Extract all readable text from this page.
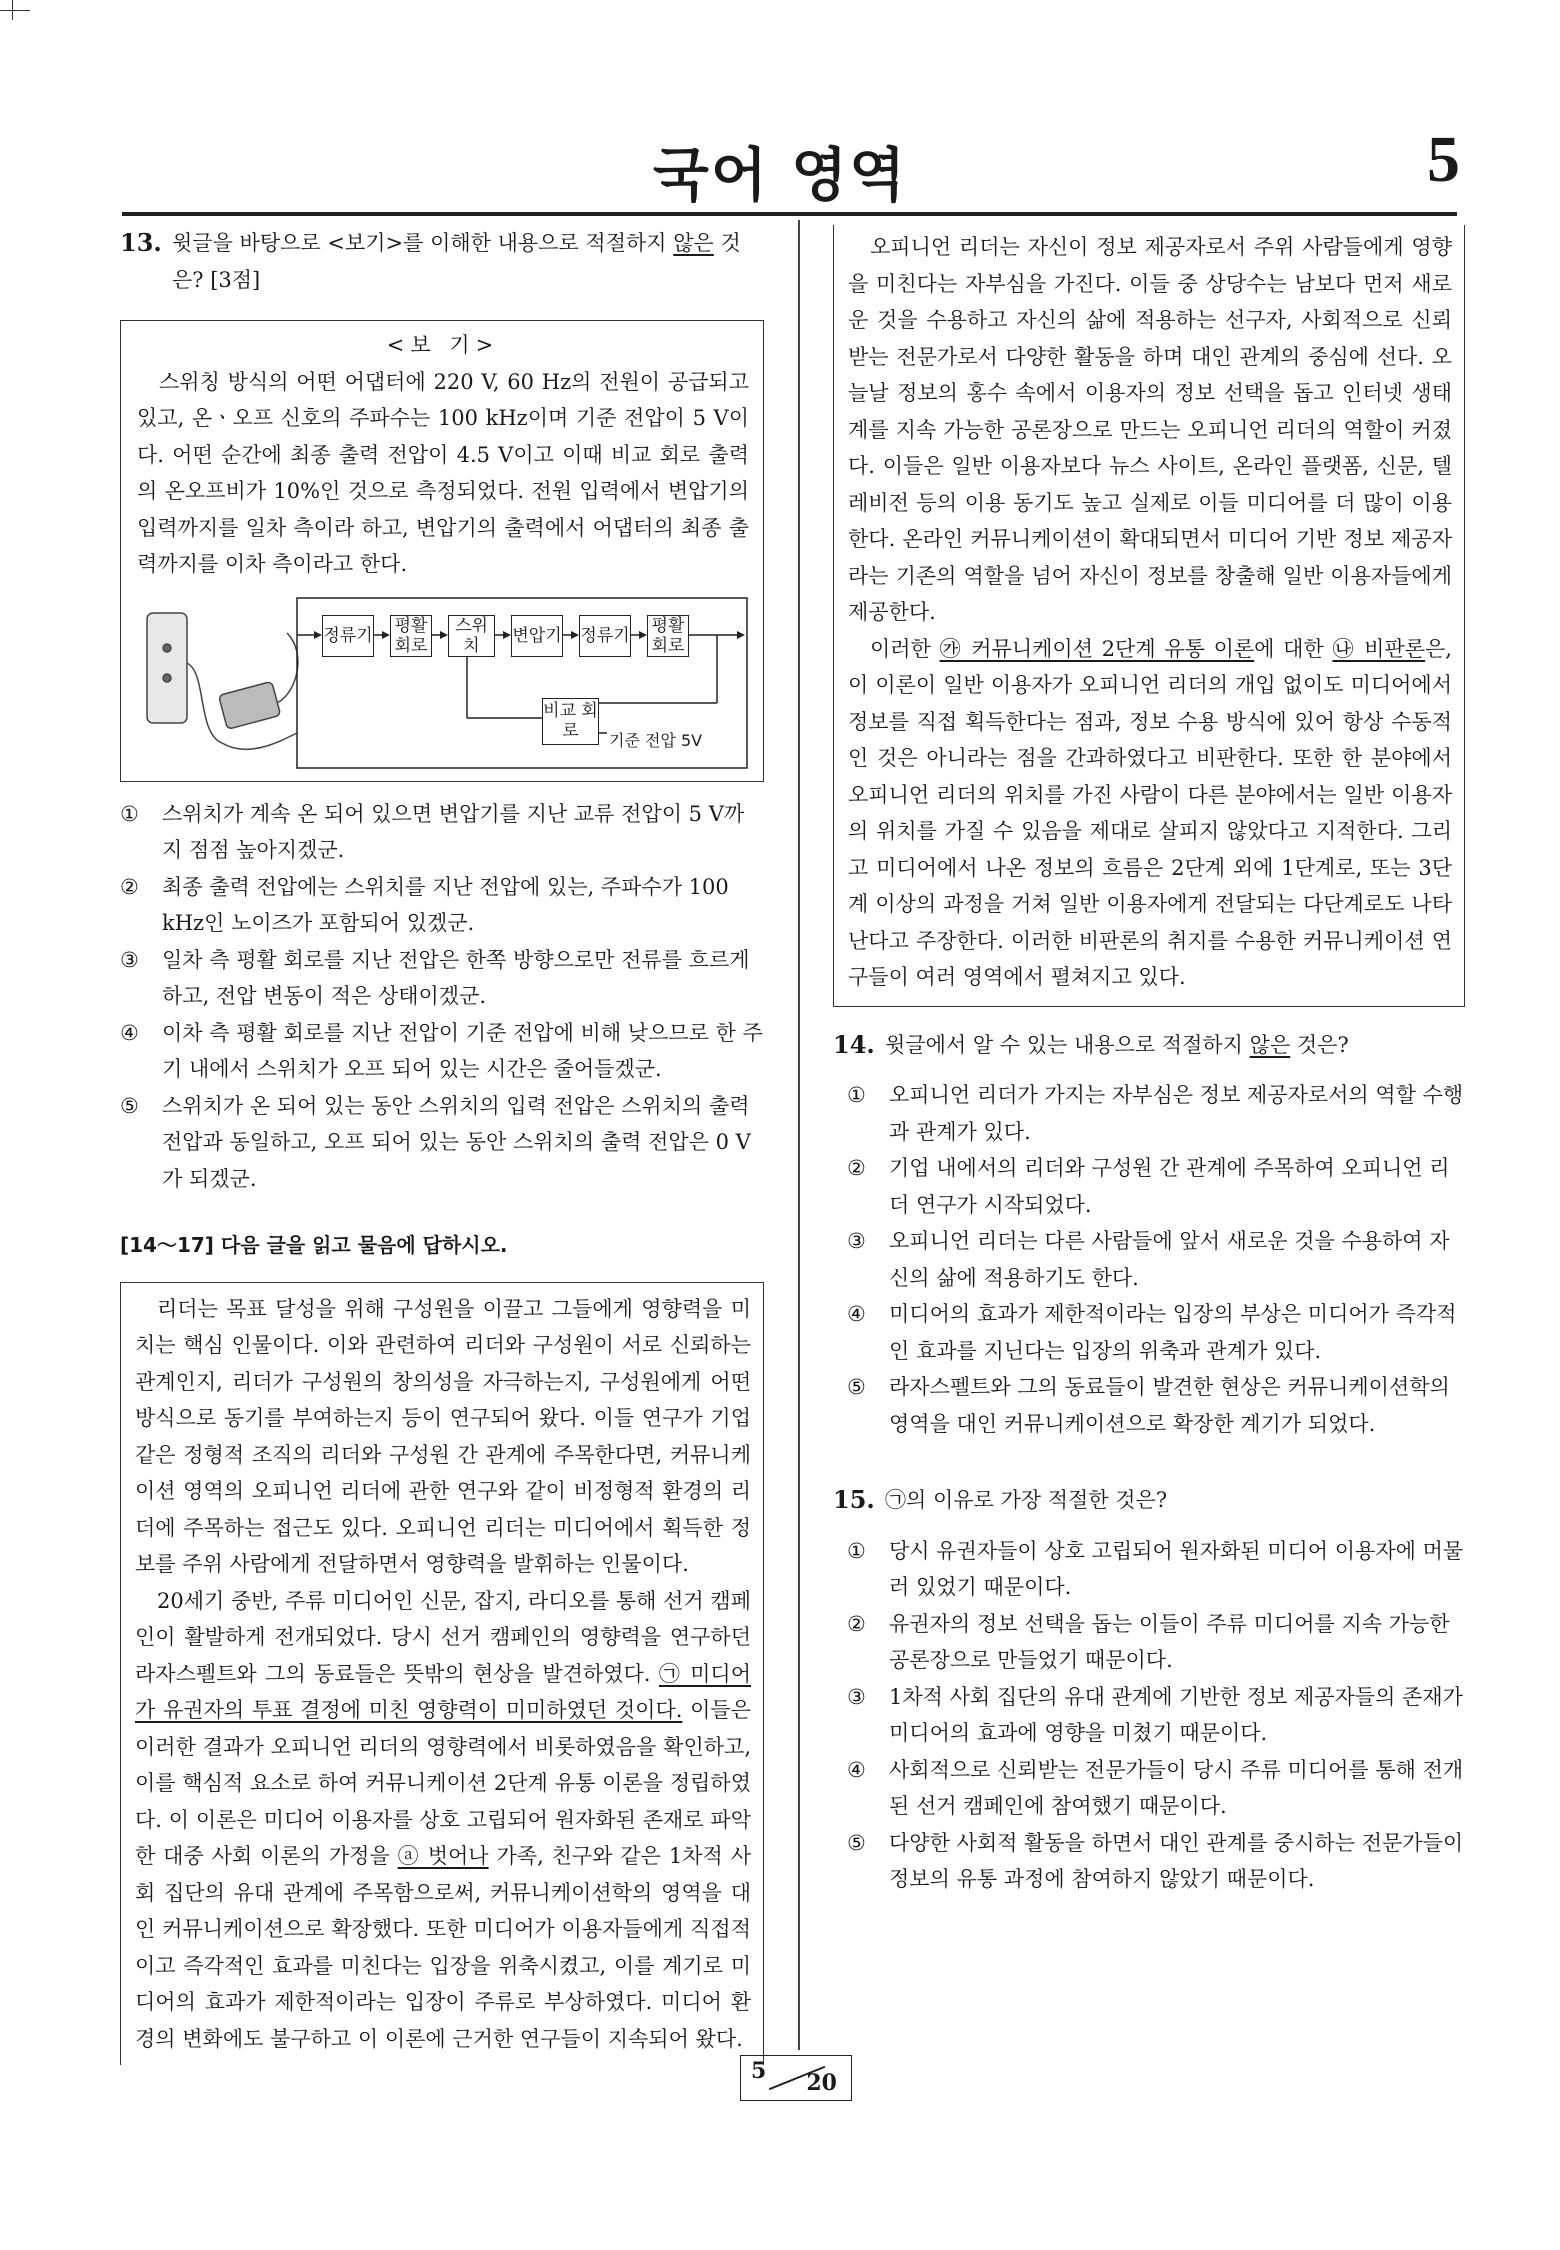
국어 영역	5
13. 윗글을 바탕으로 <보기>를 이해한 내용으로 적절하지 않은 것은? [3점]
<보 기>

스위칭 방식의 어떤 어댑터에 220 V, 60 Hz의 전원이 공급되고 있고, 온ㆍ오프 신호의 주파수는 100 kHz이며 기준 전압이 5 V이다. 어떤 순간에 최종 출력 전압이 4.5 V이고 이때 비교 회로 출력의 온오프비가 10%인 것으로 측정되었다. 전원 입력에서 변압기의 입력까지를 일차 측이라 하고, 변압기의 출력에서 어댑터의 최종 출력까지를 이차 측이라고 한다.

정류기 평활 회로
스위치	변압기 정류기 평활 회로
비교 회로	기준 전압 5V
① 스위치가 계속 온 되어 있으면 변압기를 지난 교류 전압이 5 V까지 점점 높아지겠군.
② 최종 출력 전압에는 스위치를 지난 전압에 있는, 주파수가 100 kHz인 노이즈가 포함되어 있겠군.
③ 일차 측 평활 회로를 지난 전압은 한쪽 방향으로만 전류를 흐르게 하고, 전압 변동이 적은 상태이겠군.
④ 이차 측 평활 회로를 지난 전압이 기준 전압에 비해 낮으므로 한 주기 내에서 스위치가 오프 되어 있는 시간은 줄어들겠군.
⑤ 스위치가 온 되어 있는 동안 스위치의 입력 전압은 스위치의 출력 전압과 동일하고, 오프 되어 있는 동안 스위치의 출력 전압은 0 V가 되겠군.
[14～17] 다음 글을 읽고 물음에 답하시오.

리더는 목표 달성을 위해 구성원을 이끌고 그들에게 영향력을 미치는 핵심 인물이다. 이와 관련하여 리더와 구성원이 서로 신뢰하는 관계인지, 리더가 구성원의 창의성을 자극하는지, 구성원에게 어떤 방식으로 동기를 부여하는지 등이 연구되어 왔다. 이들 연구가 기업 같은 정형적 조직의 리더와 구성원 간 관계에 주목한다면, 커뮤니케이션 영역의 오피니언 리더에 관한 연구와 같이 비정형적 환경의 리더에 주목하는 접근도 있다. 오피니언 리더는 미디어에서 획득한 정보를 주위 사람에게 전달하면서 영향력을 발휘하는 인물이다.

20세기 중반, 주류 미디어인 신문, 잡지, 라디오를 통해 선거 캠페인이 활발하게 전개되었다. 당시 선거 캠페인의 영향력을 연구하던 라자스펠트와 그의 동료들은 뜻밖의 현상을 발견하였다. ㉠ 미디어가 유권자의 투표 결정에 미친 영향력이 미미하였던 것이다. 이들은 이러한 결과가 오피니언 리더의 영향력에서 비롯하였음을 확인하고, 이를 핵심적 요소로 하여 커뮤니케이션 2단계 유통 이론을 정립하였다. 이 이론은 미디어 이용자를 상호 고립되어 원자화된 존재로 파악한 대중 사회 이론의 가정을 ⓐ 벗어나 가족, 친구와 같은 1차적 사회 집단의 유대 관계에 주목함으로써, 커뮤니케이션학의 영역을 대인 커뮤니케이션으로 확장했다. 또한 미디어가 이용자들에게 직접적이고 즉각적인 효과를 미친다는 입장을 위축시켰고, 이를 계기로 미디어의 효과가 제한적이라는 입장이 주류로 부상하였다. 미디어 환경의 변화에도 불구하고 이 이론에 근거한 연구들이 지속되어 왔다.

오피니언 리더는 자신이 정보 제공자로서 주위 사람들에게 영향을 미친다는 자부심을 가진다. 이들 중 상당수는 남보다 먼저 새로운 것을 수용하고 자신의 삶에 적용하는 선구자, 사회적으로 신뢰받는 전문가로서 다양한 활동을 하며 대인 관계의 중심에 선다. 오늘날 정보의 홍수 속에서 이용자의 정보 선택을 돕고 인터넷 생태계를 지속 가능한 공론장으로 만드는 오피니언 리더의 역할이 커졌다. 이들은 일반 이용자보다 뉴스 사이트, 온라인 플랫폼, 신문, 텔레비전 등의 이용 동기도 높고 실제로 이들 미디어를 더 많이 이용한다. 온라인 커뮤니케이션이 확대되면서 미디어 기반 정보 제공자라는 기존의 역할을 넘어 자신이 정보를 창출해 일반 이용자들에게 제공한다.

이러한 ㉮ 커뮤니케이션 2단계 유통 이론에 대한 ㉯ 비판론은, 이 이론이 일반 이용자가 오피니언 리더의 개입 없이도 미디어에서 정보를 직접 획득한다는 점과, 정보 수용 방식에 있어 항상 수동적인 것은 아니라는 점을 간과하였다고 비판한다. 또한 한 분야에서 오피니언 리더의 위치를 가진 사람이 다른 분야에서는 일반 이용자의 위치를 가질 수 있음을 제대로 살피지 않았다고 지적한다. 그리고 미디어에서 나온 정보의 흐름은 2단계 외에 1단계로, 또는 3단계 이상의 과정을 거쳐 일반 이용자에게 전달되는 다단계로도 나타난다고 주장한다. 이러한 비판론의 취지를 수용한 커뮤니케이션 연구들이 여러 영역에서 펼쳐지고 있다.

14. 윗글에서 알 수 있는 내용으로 적절하지 않은 것은?
① 오피니언 리더가 가지는 자부심은 정보 제공자로서의 역할 수행과 관계가 있다.
② 기업 내에서의 리더와 구성원 간 관계에 주목하여 오피니언 리더 연구가 시작되었다.
③ 오피니언 리더는 다른 사람들에 앞서 새로운 것을 수용하여 자신의 삶에 적용하기도 한다.
④ 미디어의 효과가 제한적이라는 입장의 부상은 미디어가 즉각적인 효과를 지닌다는 입장의 위축과 관계가 있다.
⑤ 라자스펠트와 그의 동료들이 발견한 현상은 커뮤니케이션학의 영역을 대인 커뮤니케이션으로 확장한 계기가 되었다.
15. ㉠의 이유로 가장 적절한 것은?
① 당시 유권자들이 상호 고립되어 원자화된 미디어 이용자에 머물러 있었기 때문이다.
② 유권자의 정보 선택을 돕는 이들이 주류 미디어를 지속 가능한 공론장으로 만들었기 때문이다.
③ 1차적 사회 집단의 유대 관계에 기반한 정보 제공자들의 존재가 미디어의 효과에 영향을 미쳤기 때문이다.
④ 사회적으로 신뢰받는 전문가들이 당시 주류 미디어를 통해 전개된 선거 캠페인에 참여했기 때문이다.
⑤ 다양한 사회적 활동을 하면서 대인 관계를 중시하는 전문가들이 정보의 유통 과정에 참여하지 않았기 때문이다.
5 20
